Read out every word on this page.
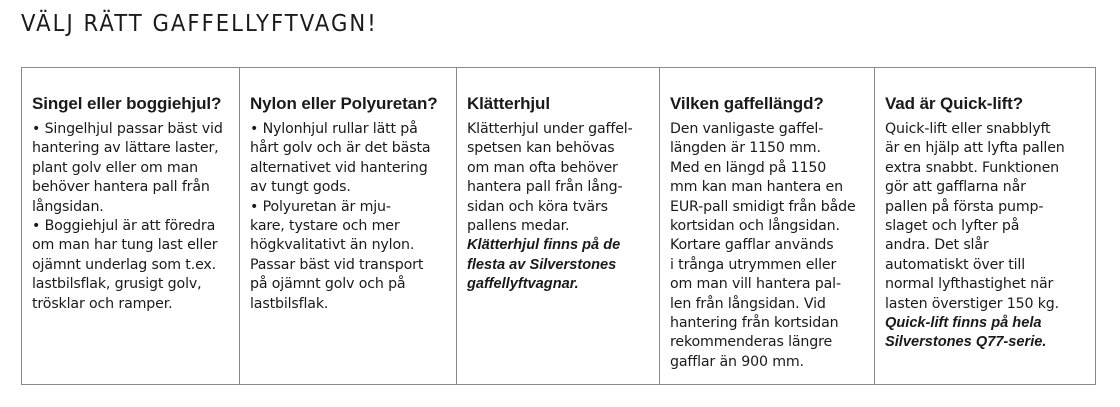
VÄLJ RÄTT GAFFELLYFTVAGN!
Singel eller boggiehjul?
• Singelhjul passar bäst vid
hantering av lättare laster,
plant golv eller om man
behöver hantera pall från
långsidan.
• Boggiehjul är att föredra
om man har tung last eller
ojämnt underlag som t.ex.
lastbilsflak, grusigt golv,
trösklar och ramper.
Nylon eller Polyuretan?
• Nylonhjul rullar lätt på
hårt golv och är det bästa
alternativet vid hantering
av tungt gods.
• Polyuretan är mju-
kare, tystare och mer
högkvalitativt än nylon.
Passar bäst vid transport
på ojämnt golv och på
lastbilsflak.
Klätterhjul
Klätterhjul under gaffel-
spetsen kan behövas
om man ofta behöver
hantera pall från lång-
sidan och köra tvärs
pallens medar.
Klätterhjul finns på de
flesta av Silverstones
gaffellyftvagnar.
Vilken gaffellängd?
Den vanligaste gaffel-
längden är 1150 mm.
Med en längd på 1150
mm kan man hantera en
EUR-pall smidigt från både
kortsidan och långsidan.
Kortare gafflar används
i trånga utrymmen eller
om man vill hantera pal-
len från långsidan. Vid
hantering från kortsidan
rekommenderas längre
gafflar än 900 mm.
Vad är Quick-lift?
Quick-lift eller snabblyft
är en hjälp att lyfta pallen
extra snabbt. Funktionen
gör att gafflarna når
pallen på första pump-
slaget och lyfter på
andra. Det slår
automatiskt över till
normal lyfthastighet när
lasten överstiger 150 kg.
Quick-lift finns på hela
Silverstones Q77-serie.
